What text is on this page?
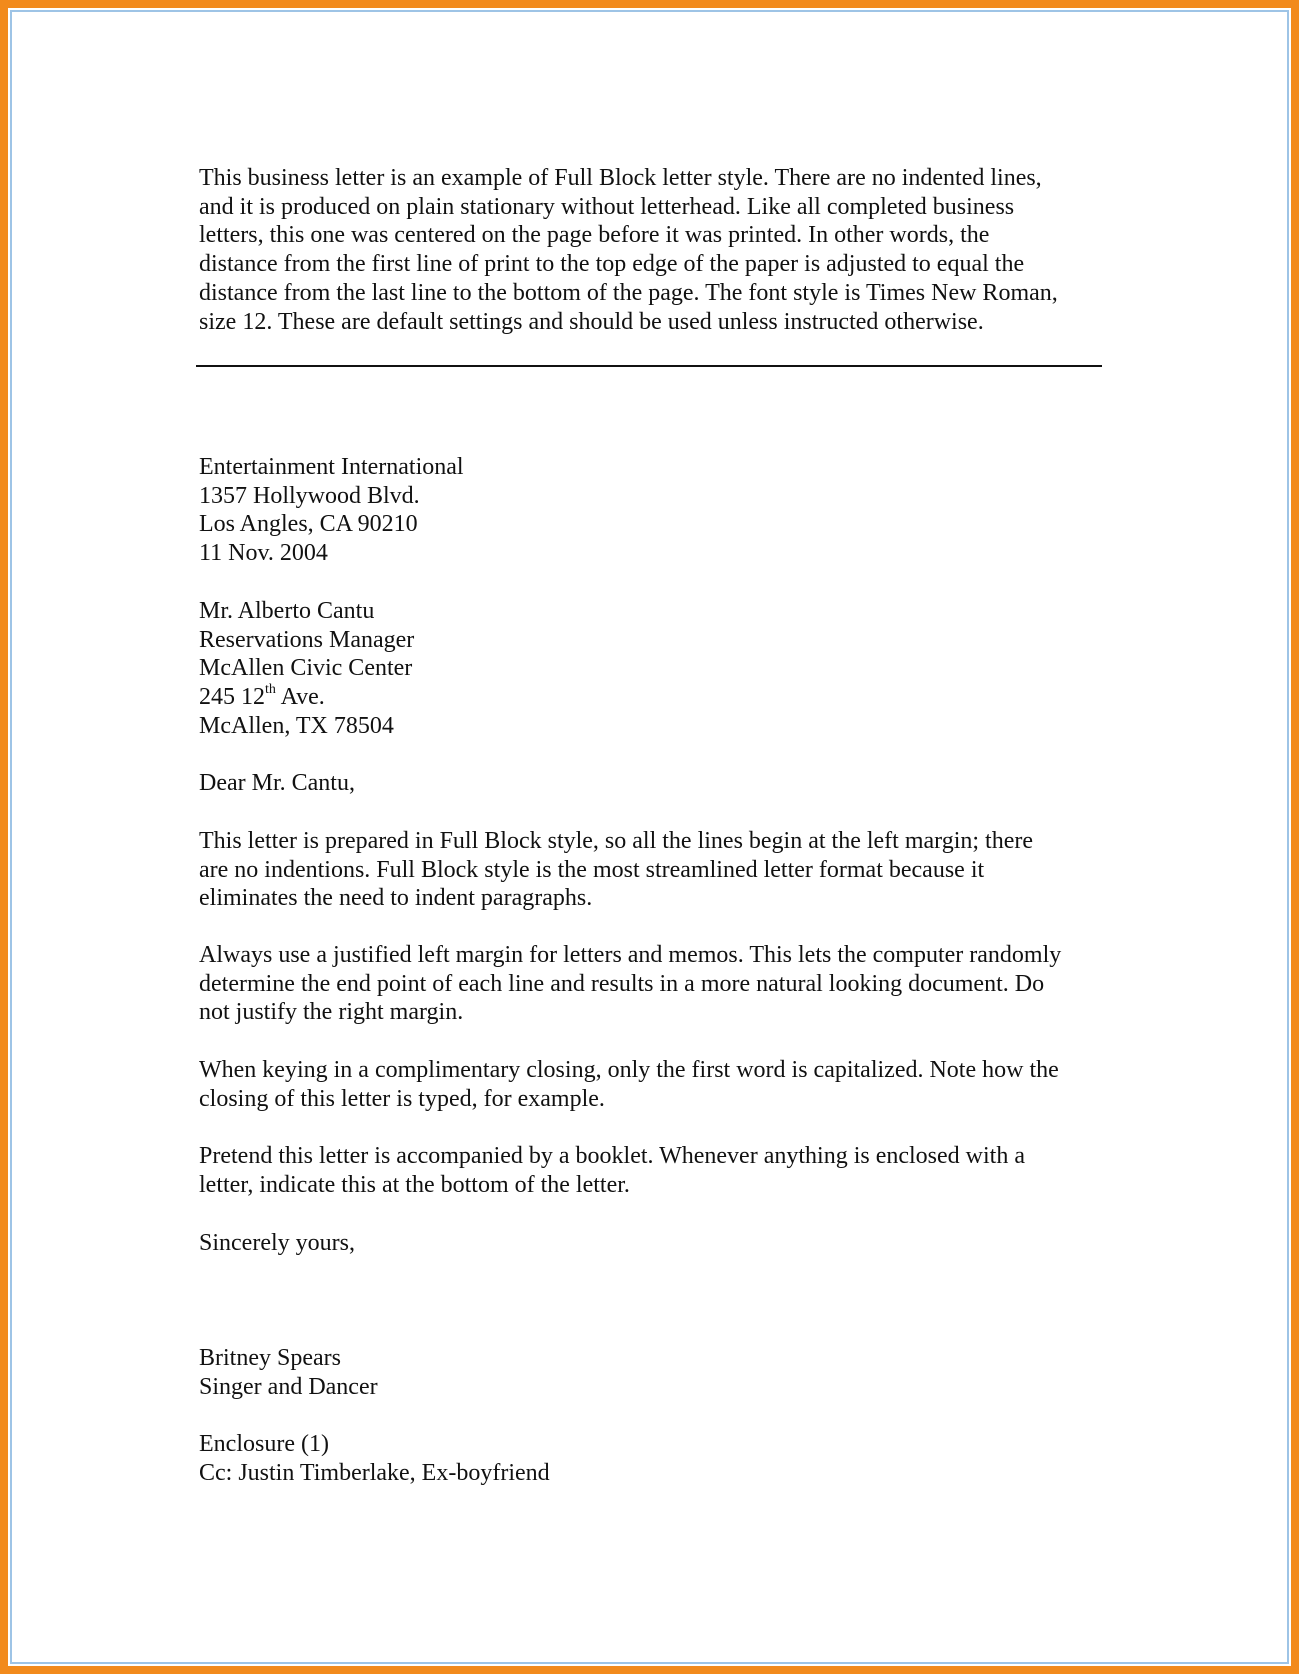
This business letter is an example of Full Block letter style. There are no indented lines,
and it is produced on plain stationary without letterhead. Like all completed business
letters, this one was centered on the page before it was printed. In other words, the
distance from the first line of print to the top edge of the paper is adjusted to equal the
distance from the last line to the bottom of the page. The font style is Times New Roman,
size 12. These are default settings and should be used unless instructed otherwise.
Entertainment International
1357 Hollywood Blvd.
Los Angles, CA 90210
11 Nov. 2004
Mr. Alberto Cantu
Reservations Manager
McAllen Civic Center
245 12th Ave.
McAllen, TX 78504
Dear Mr. Cantu,
This letter is prepared in Full Block style, so all the lines begin at the left margin; there
are no indentions. Full Block style is the most streamlined letter format because it
eliminates the need to indent paragraphs.
Always use a justified left margin for letters and memos. This lets the computer randomly
determine the end point of each line and results in a more natural looking document. Do
not justify the right margin.
When keying in a complimentary closing, only the first word is capitalized. Note how the
closing of this letter is typed, for example.
Pretend this letter is accompanied by a booklet. Whenever anything is enclosed with a
letter, indicate this at the bottom of the letter.
Sincerely yours,
Britney Spears
Singer and Dancer
Enclosure (1)
Cc: Justin Timberlake, Ex-boyfriend
